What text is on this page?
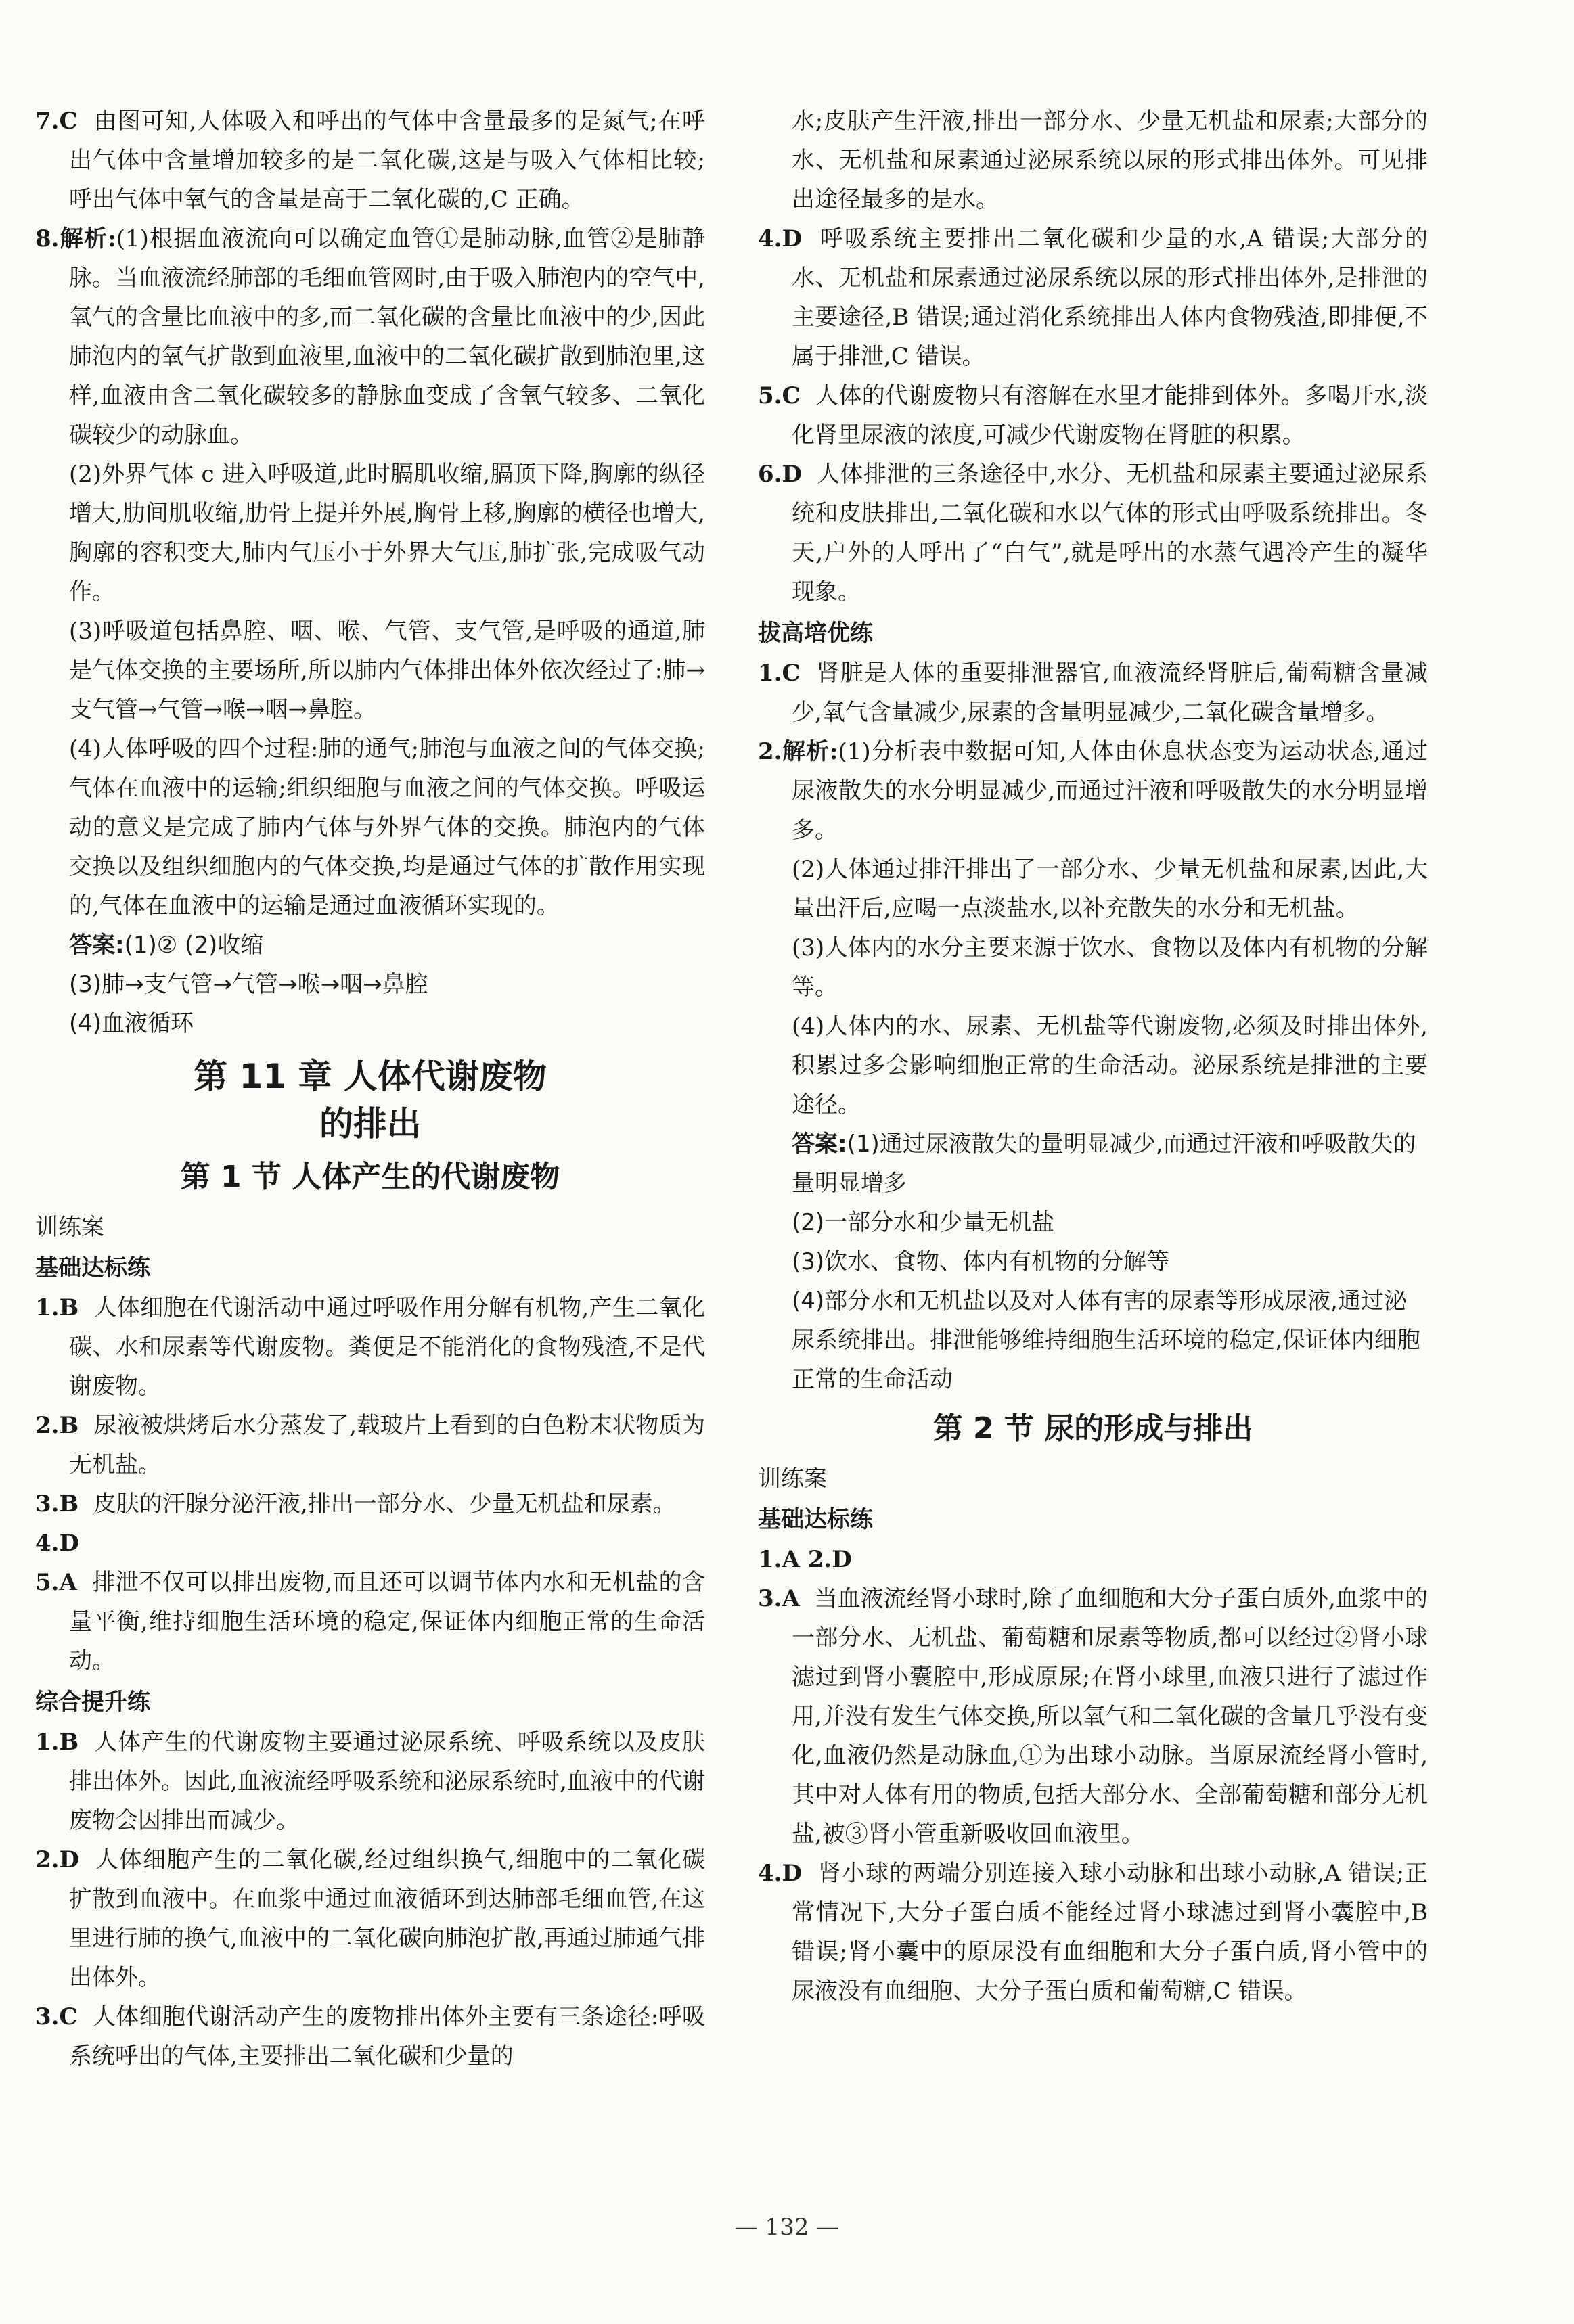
7.C 由图可知,人体吸入和呼出的气体中含量最多的是氮气;在呼出气体中含量增加较多的是二氧化碳,这是与吸入气体相比较;呼出气体中氧气的含量是高于二氧化碳的,C 正确。

8.解析:(1)根据血液流向可以确定血管①是肺动脉,血管②是肺静脉。当血液流经肺部的毛细血管网时,由于吸入肺泡内的空气中,氧气的含量比血液中的多,而二氧化碳的含量比血液中的少,因此肺泡内的氧气扩散到血液里,血液中的二氧化碳扩散到肺泡里,这样,血液由含二氧化碳较多的静脉血变成了含氧气较多、二氧化碳较少的动脉血。

(2)外界气体 c 进入呼吸道,此时膈肌收缩,膈顶下降,胸廓的纵径增大,肋间肌收缩,肋骨上提并外展,胸骨上移,胸廓的横径也增大,胸廓的容积变大,肺内气压小于外界大气压,肺扩张,完成吸气动作。

(3)呼吸道包括鼻腔、咽、喉、气管、支气管,是呼吸的通道,肺是气体交换的主要场所,所以肺内气体排出体外依次经过了:肺→支气管→气管→喉→咽→鼻腔。

(4)人体呼吸的四个过程:肺的通气;肺泡与血液之间的气体交换;气体在血液中的运输;组织细胞与血液之间的气体交换。呼吸运动的意义是完成了肺内气体与外界气体的交换。肺泡内的气体交换以及组织细胞内的气体交换,均是通过气体的扩散作用实现的,气体在血液中的运输是通过血液循环实现的。

答案:(1)② (2)收缩

(3)肺→支气管→气管→喉→咽→鼻腔

(4)血液循环

第 11 章 人体代谢废物
的排出
第 1 节 人体产生的代谢废物
训练案
基础达标练

1.B 人体细胞在代谢活动中通过呼吸作用分解有机物,产生二氧化碳、水和尿素等代谢废物。粪便是不能消化的食物残渣,不是代谢废物。

2.B 尿液被烘烤后水分蒸发了,载玻片上看到的白色粉末状物质为无机盐。

3.B 皮肤的汗腺分泌汗液,排出一部分水、少量无机盐和尿素。

4.D

5.A 排泄不仅可以排出废物,而且还可以调节体内水和无机盐的含量平衡,维持细胞生活环境的稳定,保证体内细胞正常的生命活动。

综合提升练

1.B 人体产生的代谢废物主要通过泌尿系统、呼吸系统以及皮肤排出体外。因此,血液流经呼吸系统和泌尿系统时,血液中的代谢废物会因排出而减少。

2.D 人体细胞产生的二氧化碳,经过组织换气,细胞中的二氧化碳扩散到血液中。在血浆中通过血液循环到达肺部毛细血管,在这里进行肺的换气,血液中的二氧化碳向肺泡扩散,再通过肺通气排出体外。

3.C 人体细胞代谢活动产生的废物排出体外主要有三条途径:呼吸系统呼出的气体,主要排出二氧化碳和少量的

水;皮肤产生汗液,排出一部分水、少量无机盐和尿素;大部分的水、无机盐和尿素通过泌尿系统以尿的形式排出体外。可见排出途径最多的是水。

4.D 呼吸系统主要排出二氧化碳和少量的水,A 错误;大部分的水、无机盐和尿素通过泌尿系统以尿的形式排出体外,是排泄的主要途径,B 错误;通过消化系统排出人体内食物残渣,即排便,不属于排泄,C 错误。

5.C 人体的代谢废物只有溶解在水里才能排到体外。多喝开水,淡化肾里尿液的浓度,可减少代谢废物在肾脏的积累。

6.D 人体排泄的三条途径中,水分、无机盐和尿素主要通过泌尿系统和皮肤排出,二氧化碳和水以气体的形式由呼吸系统排出。冬天,户外的人呼出了“白气”,就是呼出的水蒸气遇冷产生的凝华现象。

拔高培优练

1.C 肾脏是人体的重要排泄器官,血液流经肾脏后,葡萄糖含量减少,氧气含量减少,尿素的含量明显减少,二氧化碳含量增多。

2.解析:(1)分析表中数据可知,人体由休息状态变为运动状态,通过尿液散失的水分明显减少,而通过汗液和呼吸散失的水分明显增多。

(2)人体通过排汗排出了一部分水、少量无机盐和尿素,因此,大量出汗后,应喝一点淡盐水,以补充散失的水分和无机盐。

(3)人体内的水分主要来源于饮水、食物以及体内有机物的分解等。

(4)人体内的水、尿素、无机盐等代谢废物,必须及时排出体外,积累过多会影响细胞正常的生命活动。泌尿系统是排泄的主要途径。

答案:(1)通过尿液散失的量明显减少,而通过汗液和呼吸散失的量明显增多

(2)一部分水和少量无机盐

(3)饮水、食物、体内有机物的分解等

(4)部分水和无机盐以及对人体有害的尿素等形成尿液,通过泌尿系统排出。排泄能够维持细胞生活环境的稳定,保证体内细胞正常的生命活动

第 2 节 尿的形成与排出
训练案
基础达标练

1.A 2.D

3.A 当血液流经肾小球时,除了血细胞和大分子蛋白质外,血浆中的一部分水、无机盐、葡萄糖和尿素等物质,都可以经过②肾小球滤过到肾小囊腔中,形成原尿;在肾小球里,血液只进行了滤过作用,并没有发生气体交换,所以氧气和二氧化碳的含量几乎没有变化,血液仍然是动脉血,①为出球小动脉。当原尿流经肾小管时,其中对人体有用的物质,包括大部分水、全部葡萄糖和部分无机盐,被③肾小管重新吸收回血液里。

4.D 肾小球的两端分别连接入球小动脉和出球小动脉,A 错误;正常情况下,大分子蛋白质不能经过肾小球滤过到肾小囊腔中,B 错误;肾小囊中的原尿没有血细胞和大分子蛋白质,肾小管中的尿液没有血细胞、大分子蛋白质和葡萄糖,C 错误。

— 132 —
